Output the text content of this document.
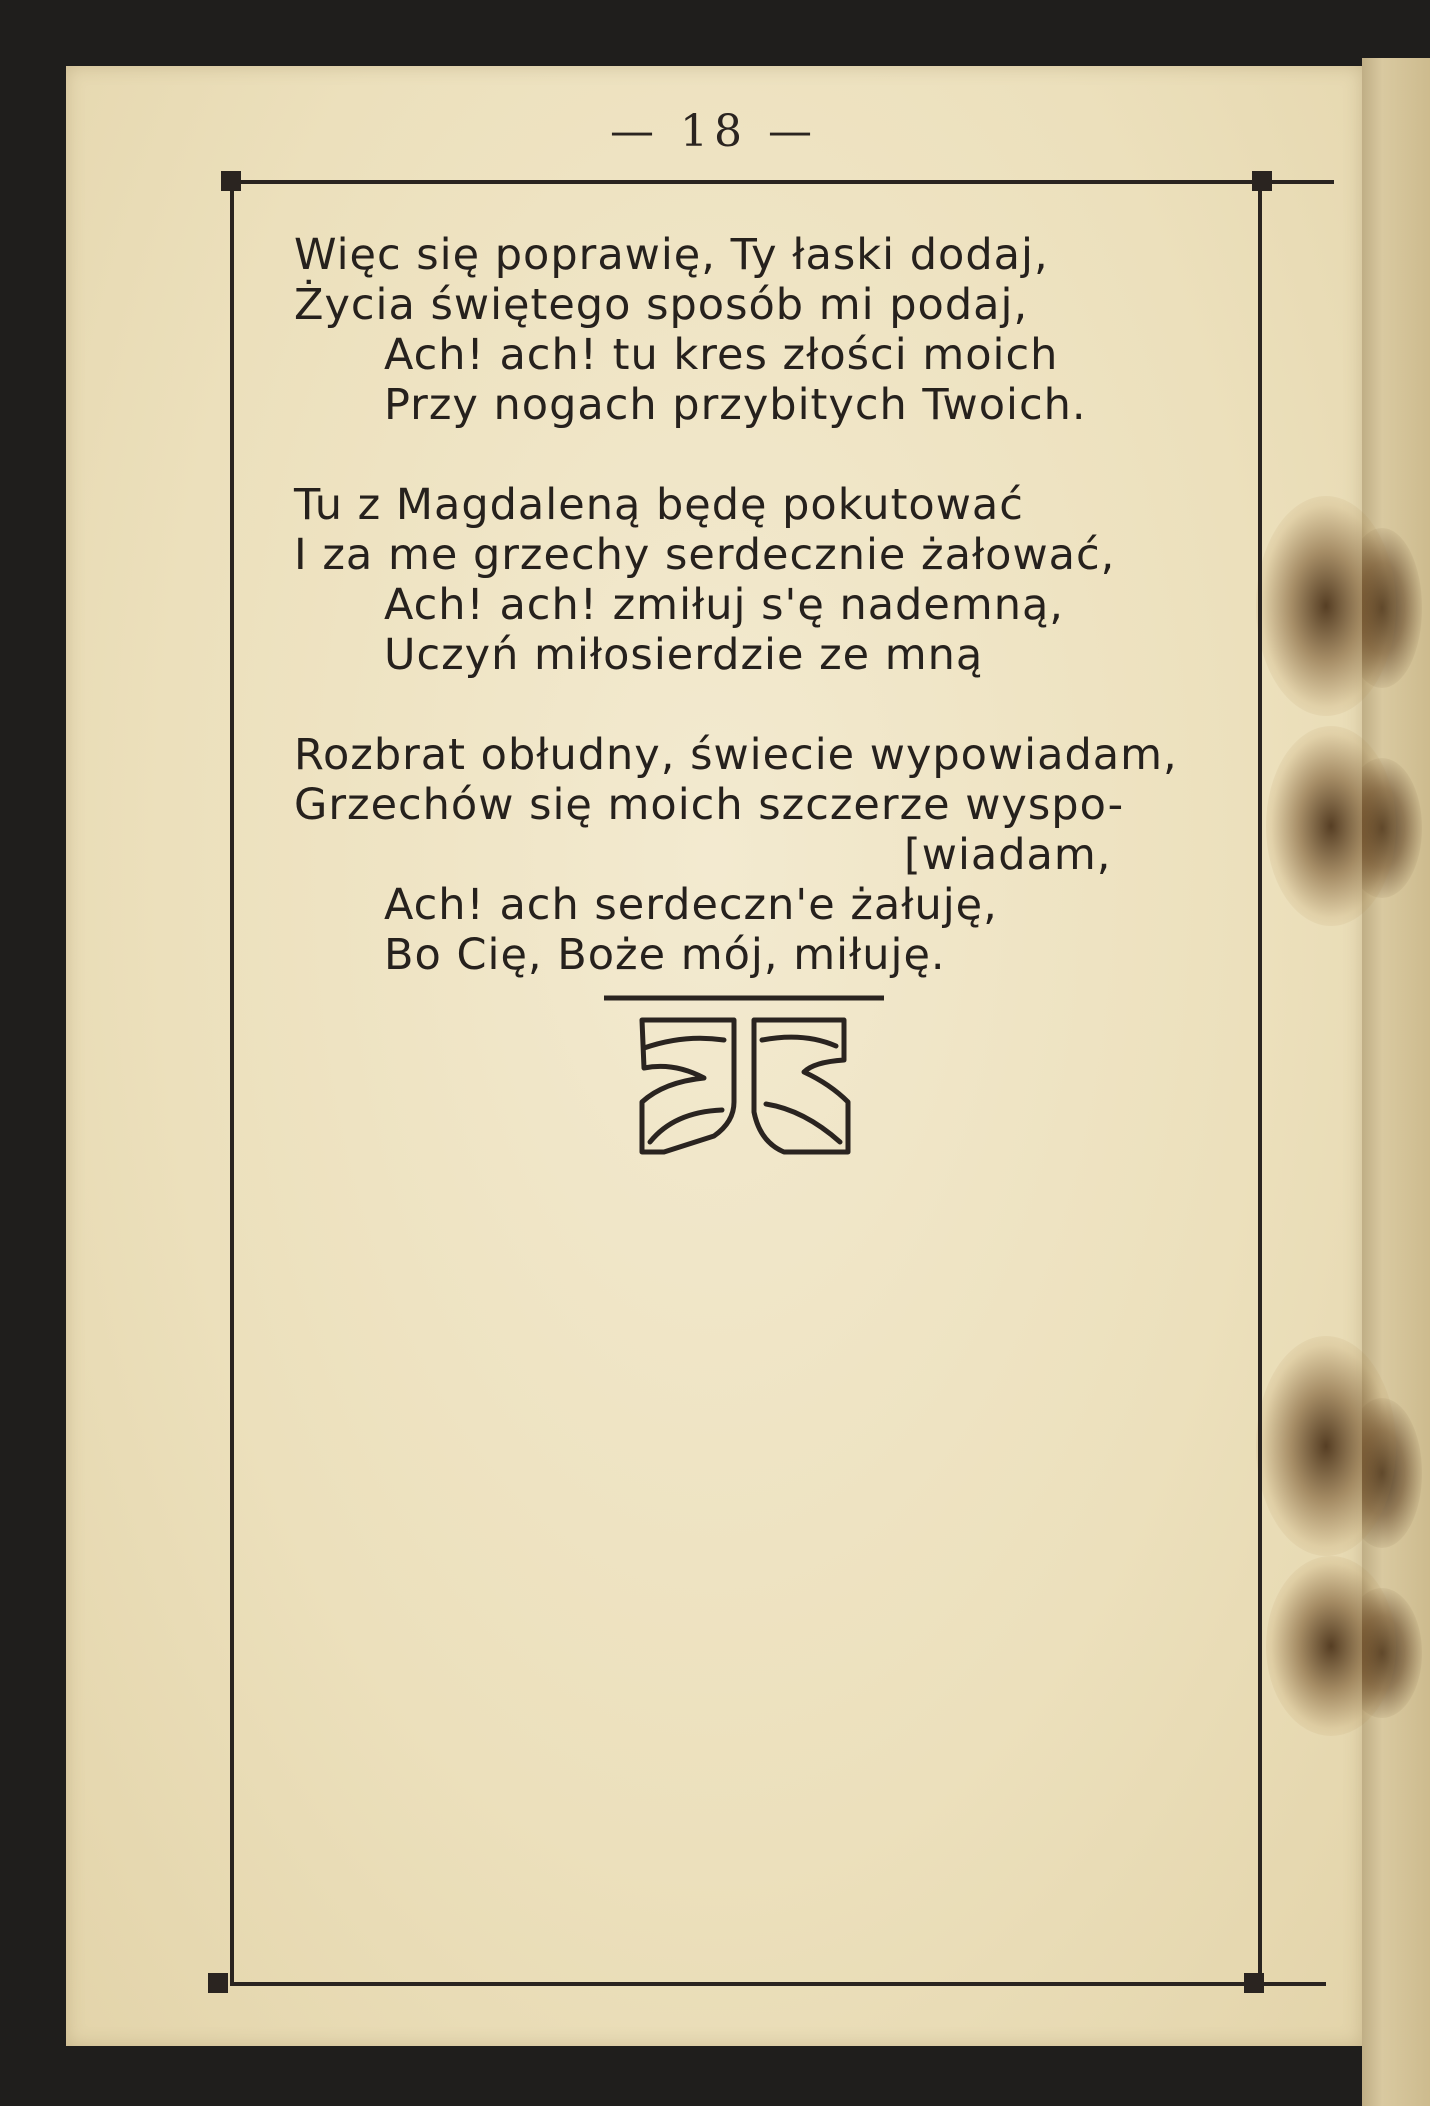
— 18 —
Więc się poprawię, Ty łaski dodaj,
Życia świętego sposób mi podaj,
Ach! ach! tu kres złości moich
Przy nogach przybitych Twoich.
Tu z Magdaleną będę pokutować
I za me grzechy serdecznie żałować,
Ach! ach! zmiłuj s'ę nademną,
Uczyń miłosierdzie ze mną
Rozbrat obłudny, świecie wypowiadam,
Grzechów się moich szczerze wyspo-
[wiadam,
Ach! ach serdeczn'e żałuję,
Bo Cię, Boże mój, miłuję.
